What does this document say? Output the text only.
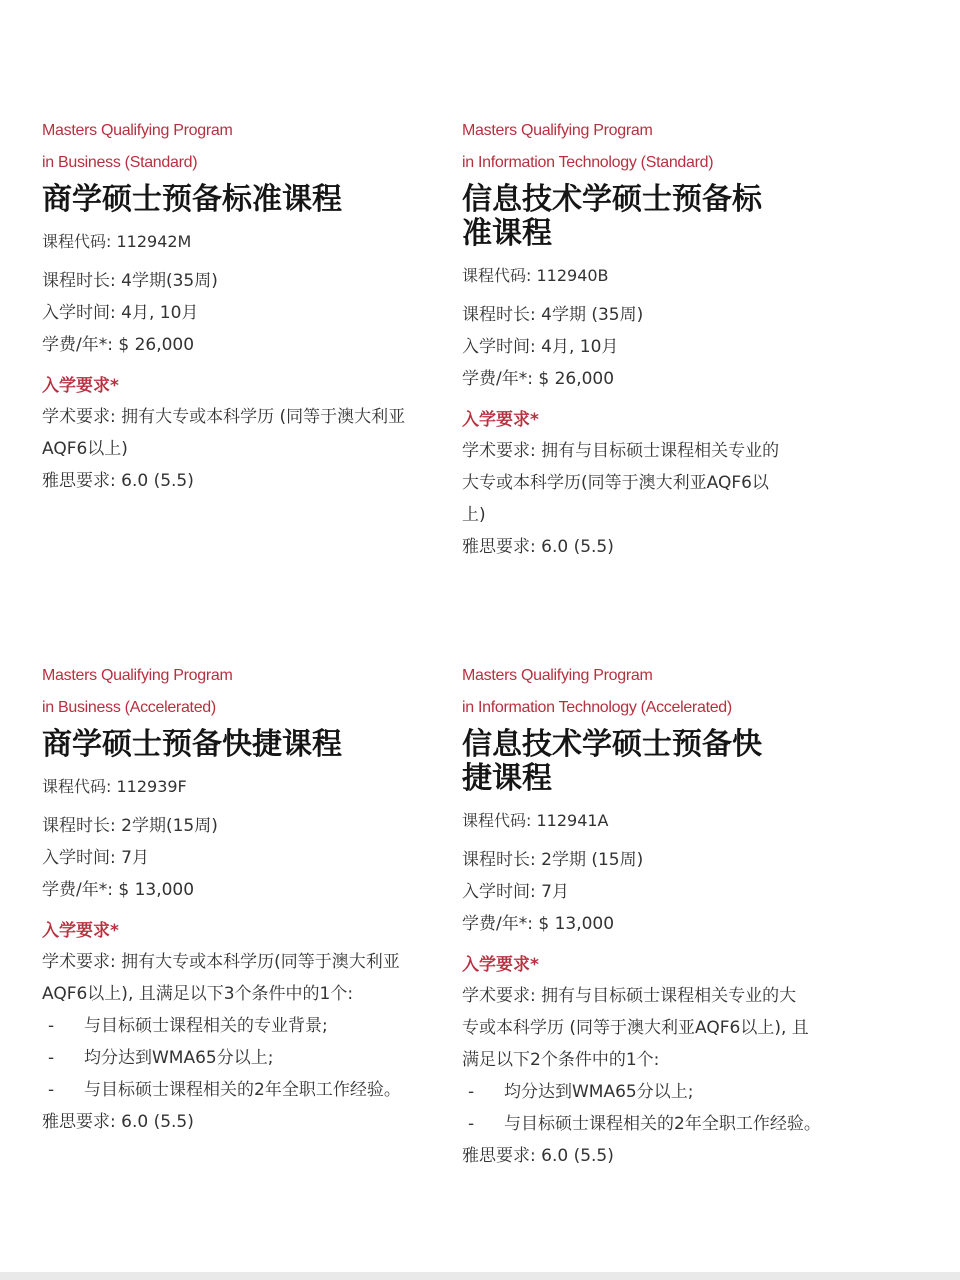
Masters Qualifying Program
in Business (Standard)
商学硕士预备标准课程
课程代码: 112942M
课程时长: 4学期(35周)
入学时间: 4月, 10月
学费/年*: $ 26,000
入学要求*
学术要求: 拥有大专或本科学历 (同等于澳大利亚AQF6以上)
雅思要求: 6.0 (5.5)
Masters Qualifying Program
in Information Technology (Standard)
信息技术学硕士预备标准课程
课程代码: 112940B
课程时长: 4学期 (35周)
入学时间: 4月, 10月
学费/年*: $ 26,000
入学要求*
学术要求: 拥有与目标硕士课程相关专业的大专或本科学历(同等于澳大利亚AQF6以上)
雅思要求: 6.0 (5.5)
Masters Qualifying Program
in Business (Accelerated)
商学硕士预备快捷课程
课程代码: 112939F
课程时长: 2学期(15周)
入学时间: 7月
学费/年*: $ 13,000
入学要求*
学术要求: 拥有大专或本科学历(同等于澳大利亚AQF6以上), 且满足以下3个条件中的1个:
- 与目标硕士课程相关的专业背景;
- 均分达到WMA65分以上;
- 与目标硕士课程相关的2年全职工作经验。
雅思要求: 6.0 (5.5)
Masters Qualifying Program
in Information Technology (Accelerated)
信息技术学硕士预备快捷课程
课程代码: 112941A
课程时长: 2学期 (15周)
入学时间: 7月
学费/年*: $ 13,000
入学要求*
学术要求: 拥有与目标硕士课程相关专业的大专或本科学历 (同等于澳大利亚AQF6以上), 且满足以下2个条件中的1个:
- 均分达到WMA65分以上;
- 与目标硕士课程相关的2年全职工作经验。
雅思要求: 6.0 (5.5)
